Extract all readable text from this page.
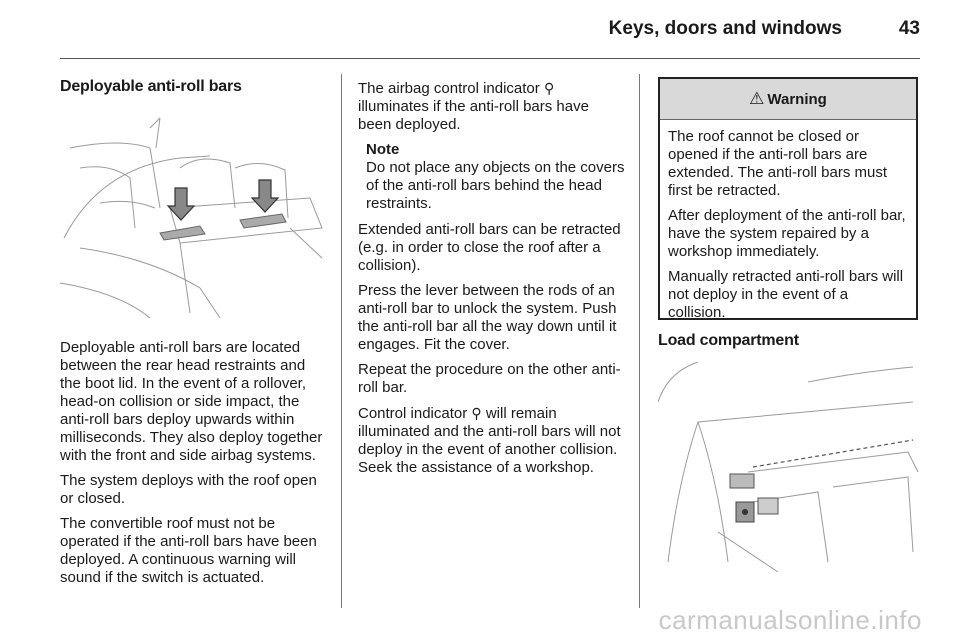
Keys, doors and windows	43
Deployable anti-roll bars

Deployable anti-roll bars are located between the rear head restraints and the boot lid. In the event of a rollover, head-on collision or side impact, the anti-roll bars deploy upwards within milliseconds. They also deploy together with the front and side airbag systems.

The system deploys with the roof open or closed.

The convertible roof must not be operated if the anti-roll bars have been deployed. A continuous warning will sound if the switch is actuated.

The airbag control indicator ⚲ illuminates if the anti-roll bars have been deployed.

Note
Do not place any objects on the covers of the anti-roll bars behind the head restraints.

Extended anti-roll bars can be retracted (e.g. in order to close the roof after a collision).

Press the lever between the rods of an anti-roll bar to unlock the system. Push the anti-roll bar all the way down until it engages. Fit the cover.

Repeat the procedure on the other anti-roll bar.

Control indicator ⚲ will remain illuminated and the anti-roll bars will not deploy in the event of another collision. Seek the assistance of a workshop.

⚠ Warning

The roof cannot be closed or opened if the anti-roll bars are extended. The anti-roll bars must first be retracted.

After deployment of the anti-roll bar, have the system repaired by a workshop immediately.

Manually retracted anti-roll bars will not deploy in the event of a collision.

Load compartment
carmanualsonline.info
